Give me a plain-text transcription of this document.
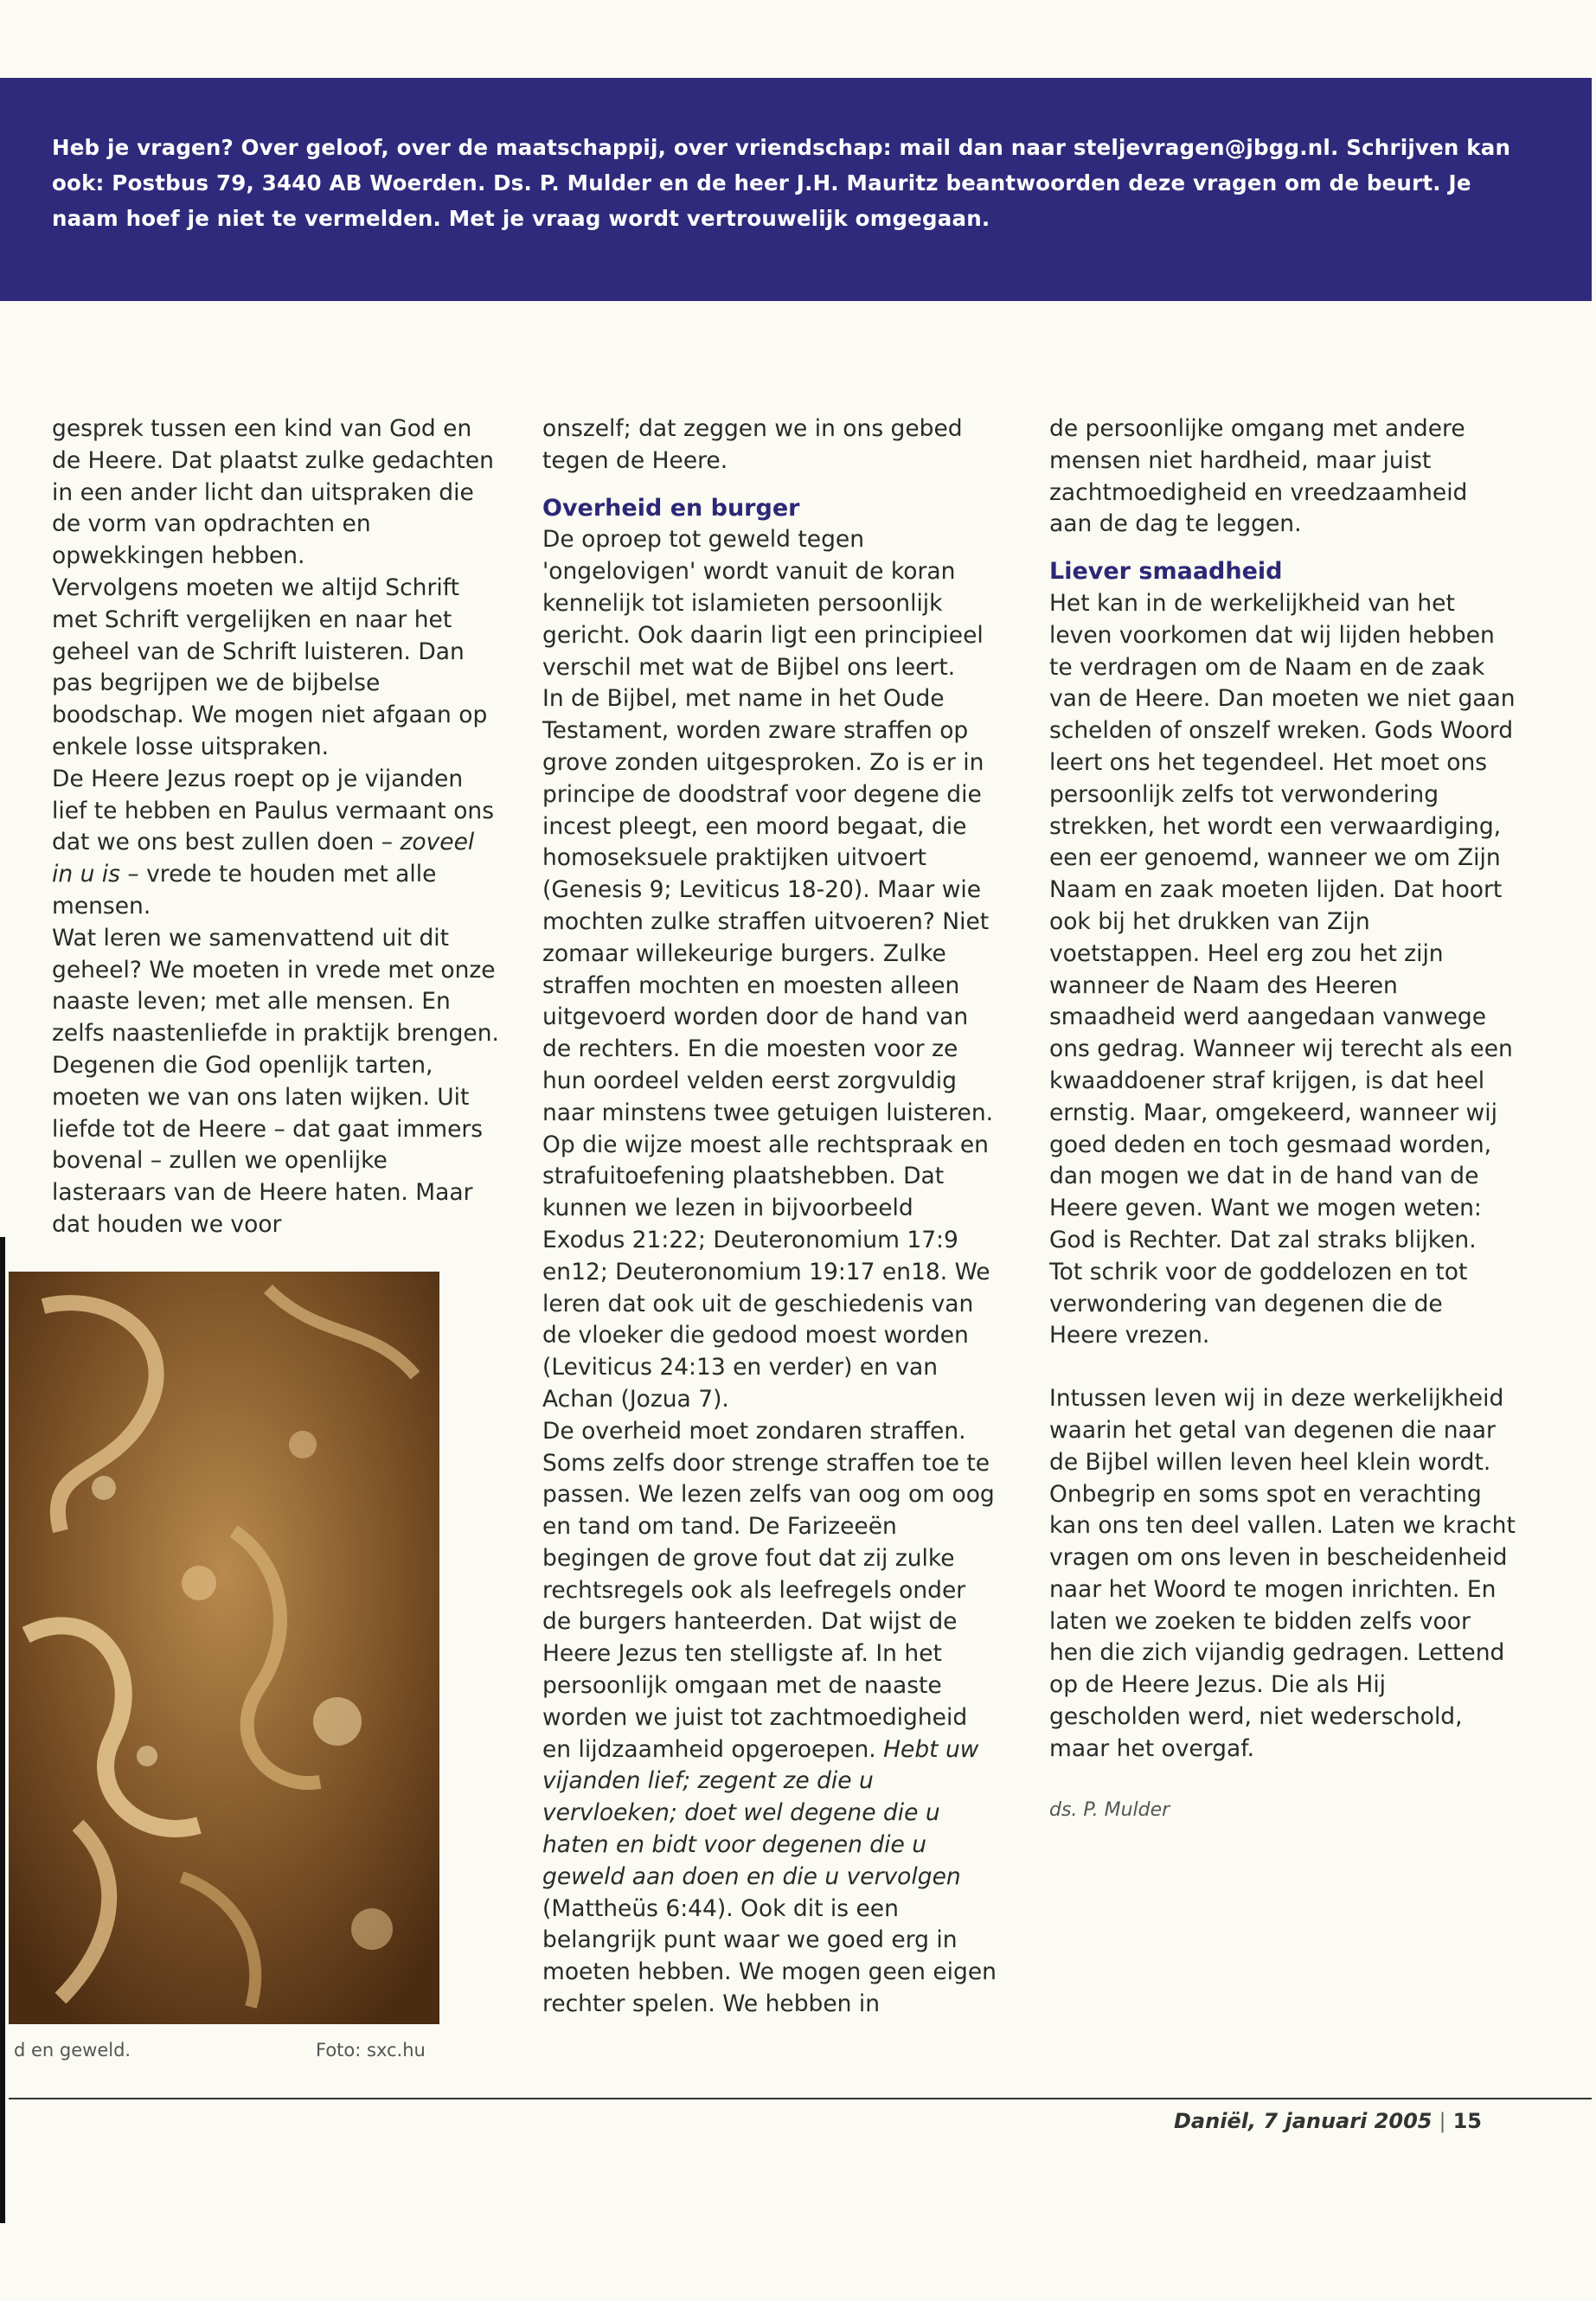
Heb je vragen? Over geloof, over de maatschappij, over vriendschap: mail dan naar steljevragen@jbgg.nl. Schrijven kan ook: Postbus 79, 3440 AB Woerden. Ds. P. Mulder en de heer J.H. Mauritz beantwoorden deze vragen om de beurt. Je naam hoef je niet te vermelden. Met je vraag wordt vertrouwelijk omgegaan.

gesprek tussen een kind van God en de Heere. Dat plaatst zulke gedachten in een ander licht dan uitspraken die de vorm van opdrachten en opwekkingen hebben.

Vervolgens moeten we altijd Schrift met Schrift vergelijken en naar het geheel van de Schrift luisteren. Dan pas begrijpen we de bijbelse boodschap. We mogen niet afgaan op enkele losse uitspraken.

De Heere Jezus roept op je vijanden lief te hebben en Paulus vermaant ons dat we ons best zullen doen – zoveel in u is – vrede te houden met alle mensen.

Wat leren we samenvattend uit dit geheel? We moeten in vrede met onze naaste leven; met alle mensen. En zelfs naastenliefde in praktijk brengen. Degenen die God openlijk tarten, moeten we van ons laten wijken. Uit liefde tot de Heere – dat gaat immers bovenal – zullen we openlijke lasteraars van de Heere haten. Maar dat houden we voor

d en geweld.	Foto: sxc.hu

onszelf; dat zeggen we in ons gebed tegen de Heere.

Overheid en burger

De oproep tot geweld tegen 'ongelovigen' wordt vanuit de koran kennelijk tot islamieten persoonlijk gericht. Ook daarin ligt een principieel verschil met wat de Bijbel ons leert.

In de Bijbel, met name in het Oude Testament, worden zware straffen op grove zonden uitgesproken. Zo is er in principe de doodstraf voor degene die incest pleegt, een moord begaat, die homoseksuele praktijken uitvoert (Genesis 9; Leviticus 18-20). Maar wie mochten zulke straffen uitvoeren? Niet zomaar willekeurige burgers. Zulke straffen mochten en moesten alleen uitgevoerd worden door de hand van de rechters. En die moesten voor ze hun oordeel velden eerst zorgvuldig naar minstens twee getuigen luisteren. Op die wijze moest alle rechtspraak en strafuitoefening plaatshebben. Dat kunnen we lezen in bijvoorbeeld Exodus 21:22; Deuteronomium 17:9 en12; Deuteronomium 19:17 en18. We leren dat ook uit de geschiedenis van de vloeker die gedood moest worden (Leviticus 24:13 en verder) en van Achan (Jozua 7).

De overheid moet zondaren straffen. Soms zelfs door strenge straffen toe te passen. We lezen zelfs van oog om oog en tand om tand. De Farizeeën begingen de grove fout dat zij zulke rechtsregels ook als leefregels onder de burgers hanteerden. Dat wijst de Heere Jezus ten stelligste af. In het persoonlijk omgaan met de naaste worden we juist tot zachtmoedigheid en lijdzaamheid opgeroepen. Hebt uw vijanden lief; zegent ze die u vervloeken; doet wel degene die u haten en bidt voor degenen die u geweld aan doen en die u vervolgen (Mattheüs 6:44). Ook dit is een belangrijk punt waar we goed erg in moeten hebben. We mogen geen eigen rechter spelen. We hebben in

de persoonlijke omgang met andere mensen niet hardheid, maar juist zachtmoedigheid en vreedzaamheid aan de dag te leggen.

Liever smaadheid

Het kan in de werkelijkheid van het leven voorkomen dat wij lijden hebben te verdragen om de Naam en de zaak van de Heere. Dan moeten we niet gaan schelden of onszelf wreken. Gods Woord leert ons het tegendeel. Het moet ons persoonlijk zelfs tot verwondering strekken, het wordt een verwaardiging, een eer genoemd, wanneer we om Zijn Naam en zaak moeten lijden. Dat hoort ook bij het drukken van Zijn voetstappen. Heel erg zou het zijn wanneer de Naam des Heeren smaadheid werd aangedaan vanwege ons gedrag. Wanneer wij terecht als een kwaaddoener straf krijgen, is dat heel ernstig. Maar, omgekeerd, wanneer wij goed deden en toch gesmaad worden, dan mogen we dat in de hand van de Heere geven. Want we mogen weten: God is Rechter. Dat zal straks blijken. Tot schrik voor de goddelozen en tot verwondering van degenen die de Heere vrezen.

Intussen leven wij in deze werkelijkheid waarin het getal van degenen die naar de Bijbel willen leven heel klein wordt. Onbegrip en soms spot en verachting kan ons ten deel vallen. Laten we kracht vragen om ons leven in bescheidenheid naar het Woord te mogen inrichten. En laten we zoeken te bidden zelfs voor hen die zich vijandig gedragen. Lettend op de Heere Jezus. Die als Hij gescholden werd, niet wederschold, maar het overgaf.

ds. P. Mulder
Daniël, 7 januari 2005 | 15
